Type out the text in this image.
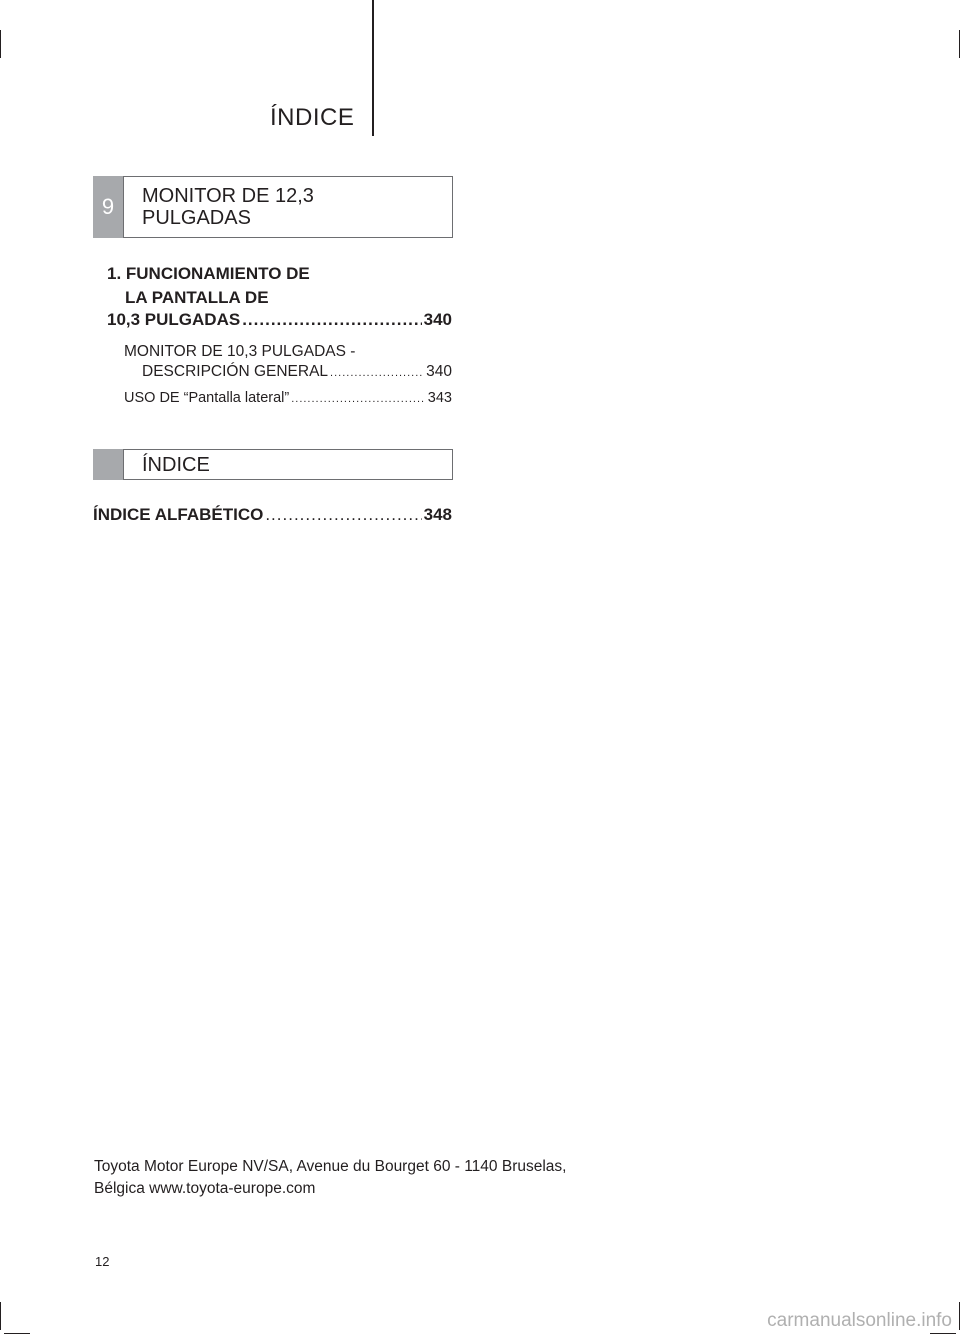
ÍNDICE
9	MONITOR DE 12,3
PULGADAS
1. FUNCIONAMIENTO DE
LA PANTALLA DE
10,3 PULGADAS .....	340
MONITOR DE 10,3 PULGADAS -
DESCRIPCIÓN GENERAL .....	340
USO DE “Pantalla lateral” .....	343
ÍNDICE
ÍNDICE ALFABÉTICO .....	348
Toyota Motor Europe NV/SA, Avenue du Bourget 60 - 1140 Bruselas,
Bélgica www.toyota-europe.com
12
carmanualsonline.info
